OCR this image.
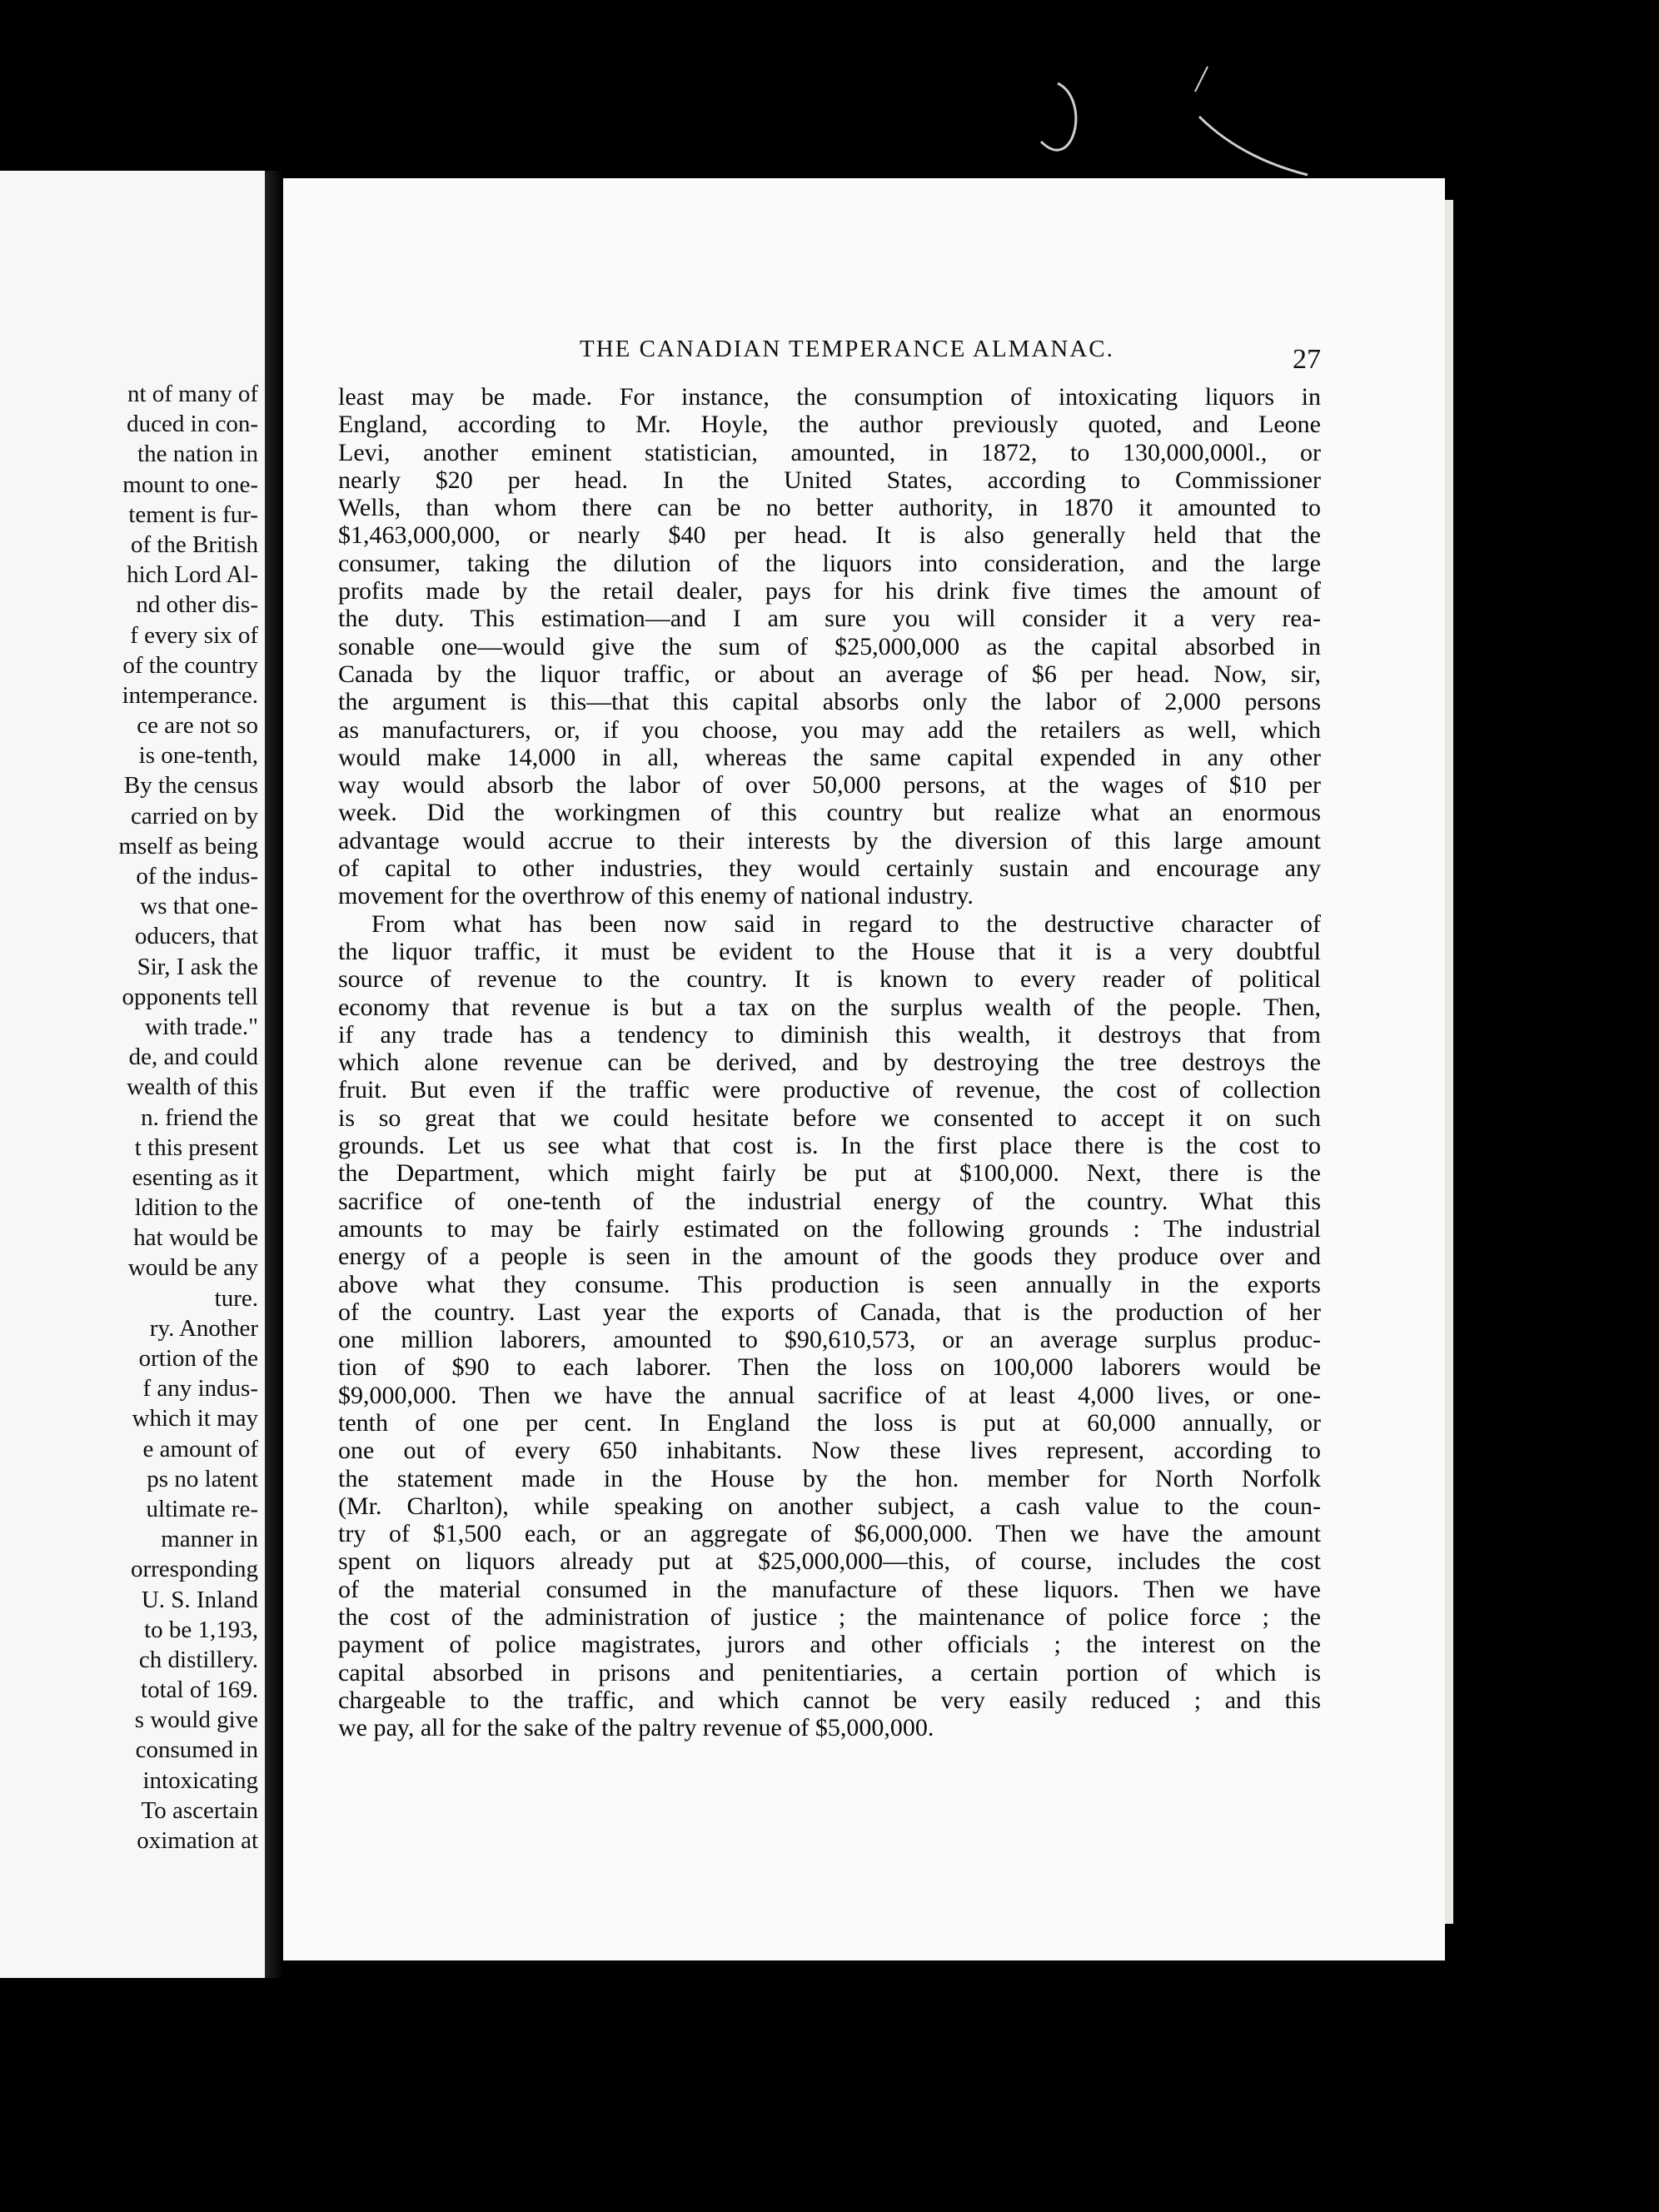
nt of many of
duced in con-
the nation in
mount to one-
tement is fur-
of the British
hich Lord Al-
nd other dis-
f every six of
of the country
intemperance.
ce are not so
is one-tenth,
By the census
carried on by
mself as being
of the indus-
ws that one-
oducers, that
Sir, I ask the
opponents tell
with trade."
de, and could
wealth of this
n. friend the
t this present
esenting as it
ldition to the
hat would be
would be any
ture.
ry. Another
ortion of the
f any indus-
which it may
e amount of
ps no latent
ultimate re-
manner in
orresponding
U. S. Inland
to be 1,193,
ch distillery.
total of 169.
s would give
consumed in
intoxicating
To ascertain
oximation at
THE CANADIAN TEMPERANCE ALMANAC.	27
least may be made. For instance, the consumption of intoxicating liquors in
England, according to Mr. Hoyle, the author previously quoted, and Leone
Levi, another eminent statistician, amounted, in 1872, to 130,000,000l., or
nearly $20 per head. In the United States, according to Commissioner
Wells, than whom there can be no better authority, in 1870 it amounted to
$1,463,000,000, or nearly $40 per head. It is also generally held that the
consumer, taking the dilution of the liquors into consideration, and the large
profits made by the retail dealer, pays for his drink five times the amount of
the duty. This estimation—and I am sure you will consider it a very rea-
sonable one—would give the sum of $25,000,000 as the capital absorbed in
Canada by the liquor traffic, or about an average of $6 per head. Now, sir,
the argument is this—that this capital absorbs only the labor of 2,000 persons
as manufacturers, or, if you choose, you may add the retailers as well, which
would make 14,000 in all, whereas the same capital expended in any other
way would absorb the labor of over 50,000 persons, at the wages of $10 per
week. Did the workingmen of this country but realize what an enormous
advantage would accrue to their interests by the diversion of this large amount
of capital to other industries, they would certainly sustain and encourage any
movement for the overthrow of this enemy of national industry.
From what has been now said in regard to the destructive character of
the liquor traffic, it must be evident to the House that it is a very doubtful
source of revenue to the country. It is known to every reader of political
economy that revenue is but a tax on the surplus wealth of the people. Then,
if any trade has a tendency to diminish this wealth, it destroys that from
which alone revenue can be derived, and by destroying the tree destroys the
fruit. But even if the traffic were productive of revenue, the cost of collection
is so great that we could hesitate before we consented to accept it on such
grounds. Let us see what that cost is. In the first place there is the cost to
the Department, which might fairly be put at $100,000. Next, there is the
sacrifice of one-tenth of the industrial energy of the country. What this
amounts to may be fairly estimated on the following grounds : The industrial
energy of a people is seen in the amount of the goods they produce over and
above what they consume. This production is seen annually in the exports
of the country. Last year the exports of Canada, that is the production of her
one million laborers, amounted to $90,610,573, or an average surplus produc-
tion of $90 to each laborer. Then the loss on 100,000 laborers would be
$9,000,000. Then we have the annual sacrifice of at least 4,000 lives, or one-
tenth of one per cent. In England the loss is put at 60,000 annually, or
one out of every 650 inhabitants. Now these lives represent, according to
the statement made in the House by the hon. member for North Norfolk
(Mr. Charlton), while speaking on another subject, a cash value to the coun-
try of $1,500 each, or an aggregate of $6,000,000. Then we have the amount
spent on liquors already put at $25,000,000—this, of course, includes the cost
of the material consumed in the manufacture of these liquors. Then we have
the cost of the administration of justice ; the maintenance of police force ; the
payment of police magistrates, jurors and other officials ; the interest on the
capital absorbed in prisons and penitentiaries, a certain portion of which is
chargeable to the traffic, and which cannot be very easily reduced ; and this
we pay, all for the sake of the paltry revenue of $5,000,000.
